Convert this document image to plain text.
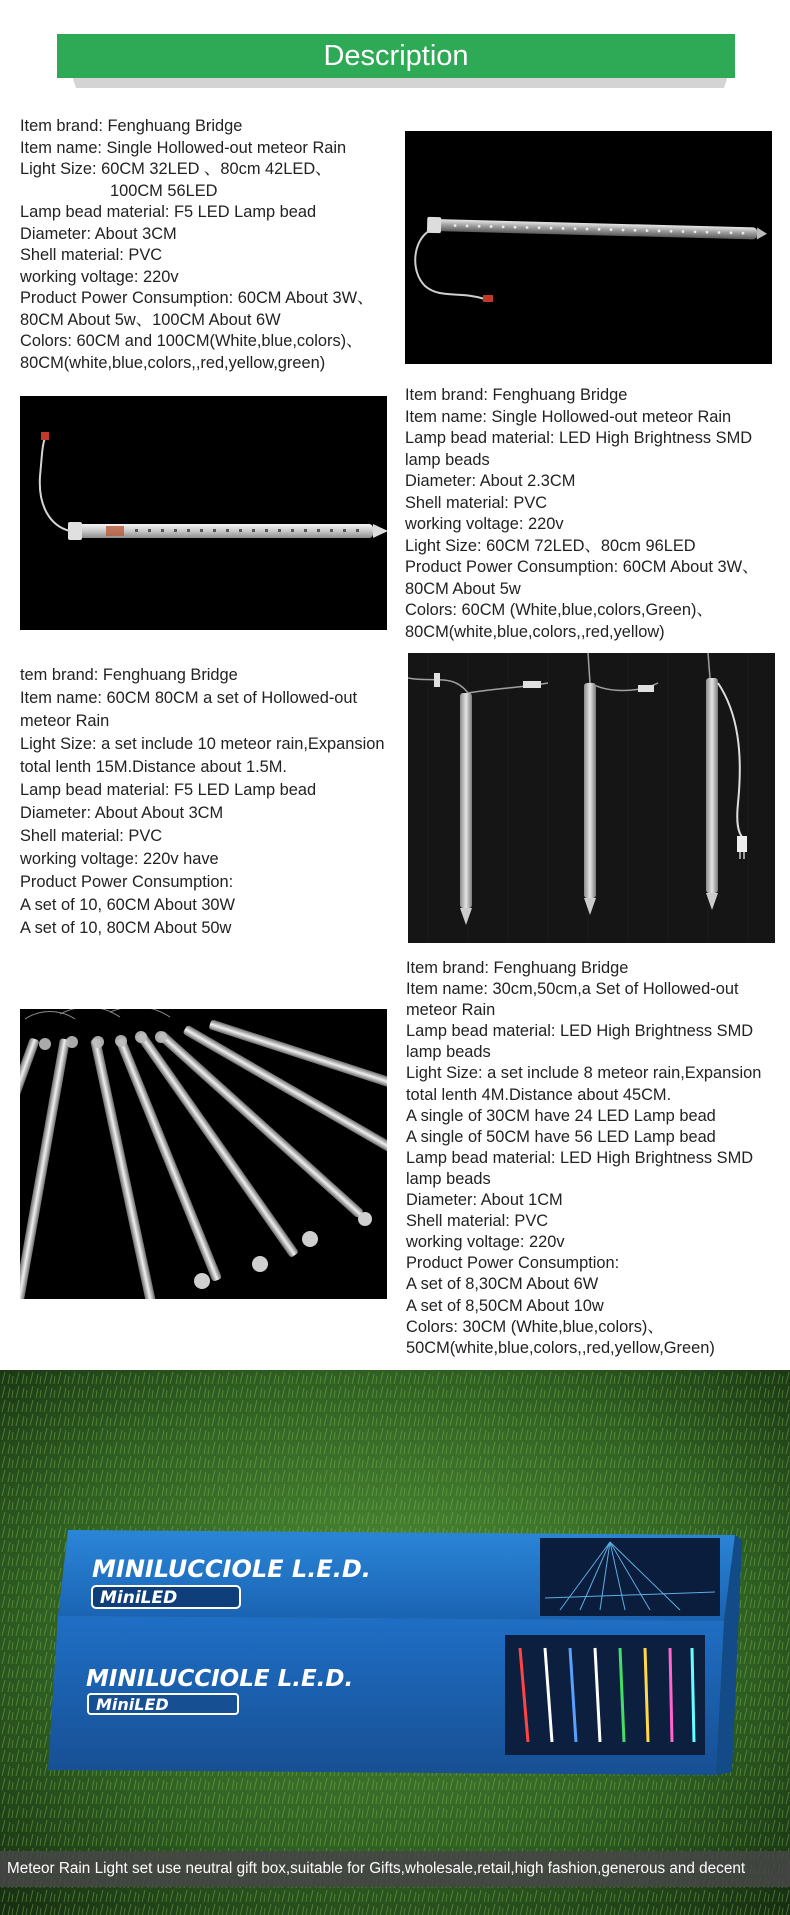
Description
Item brand: Fenghuang Bridge
Item name: Single Hollowed-out meteor Rain
Light Size: 60CM 32LED 、80cm 42LED、
100CM 56LED
Lamp bead material: F5 LED Lamp bead
Diameter: About 3CM
Shell material: PVC
working voltage: 220v
Product Power Consumption: 60CM About 3W、
80CM About 5w、100CM About 6W
Colors: 60CM and 100CM(White,blue,colors)、
80CM(white,blue,colors,,red,yellow,green)
Item brand: Fenghuang Bridge
Item name: Single Hollowed-out meteor Rain
Lamp bead material: LED High Brightness SMD
lamp beads
Diameter: About 2.3CM
Shell material: PVC
working voltage: 220v
Light Size: 60CM 72LED、80cm 96LED
Product Power Consumption: 60CM About 3W、
80CM About 5w
Colors: 60CM (White,blue,colors,Green)、
80CM(white,blue,colors,,red,yellow)
tem brand: Fenghuang Bridge
Item name: 60CM 80CM a set of Hollowed-out
meteor Rain
Light Size: a set include 10 meteor rain,Expansion
total lenth 15M.Distance about 1.5M.
Lamp bead material: F5 LED Lamp bead
Diameter: About About 3CM
Shell material: PVC
working voltage: 220v have
Product Power Consumption:
A set of 10, 60CM About 30W
A set of 10, 80CM About 50w
Item brand: Fenghuang Bridge
Item name: 30cm,50cm,a Set of Hollowed-out
meteor Rain
Lamp bead material: LED High Brightness SMD
lamp beads
Light Size: a set include 8 meteor rain,Expansion
total lenth 4M.Distance about 45CM.
A single of 30CM have 24 LED Lamp bead
A single of 50CM have 56 LED Lamp bead
Lamp bead material: LED High Brightness SMD
lamp beads
Diameter: About 1CM
Shell material: PVC
working voltage: 220v
Product Power Consumption:
A set of 8,30CM About 6W
A set of 8,50CM About 10w
Colors: 30CM (White,blue,colors)、
50CM(white,blue,colors,,red,yellow,Green)
MINILUCCIOLE L.E.D.
MiniLED
MINILUCCIOLE L.E.D.
MiniLED
Meteor Rain Light set use neutral gift box,suitable for Gifts,wholesale,retail,high fashion,generous and decent
